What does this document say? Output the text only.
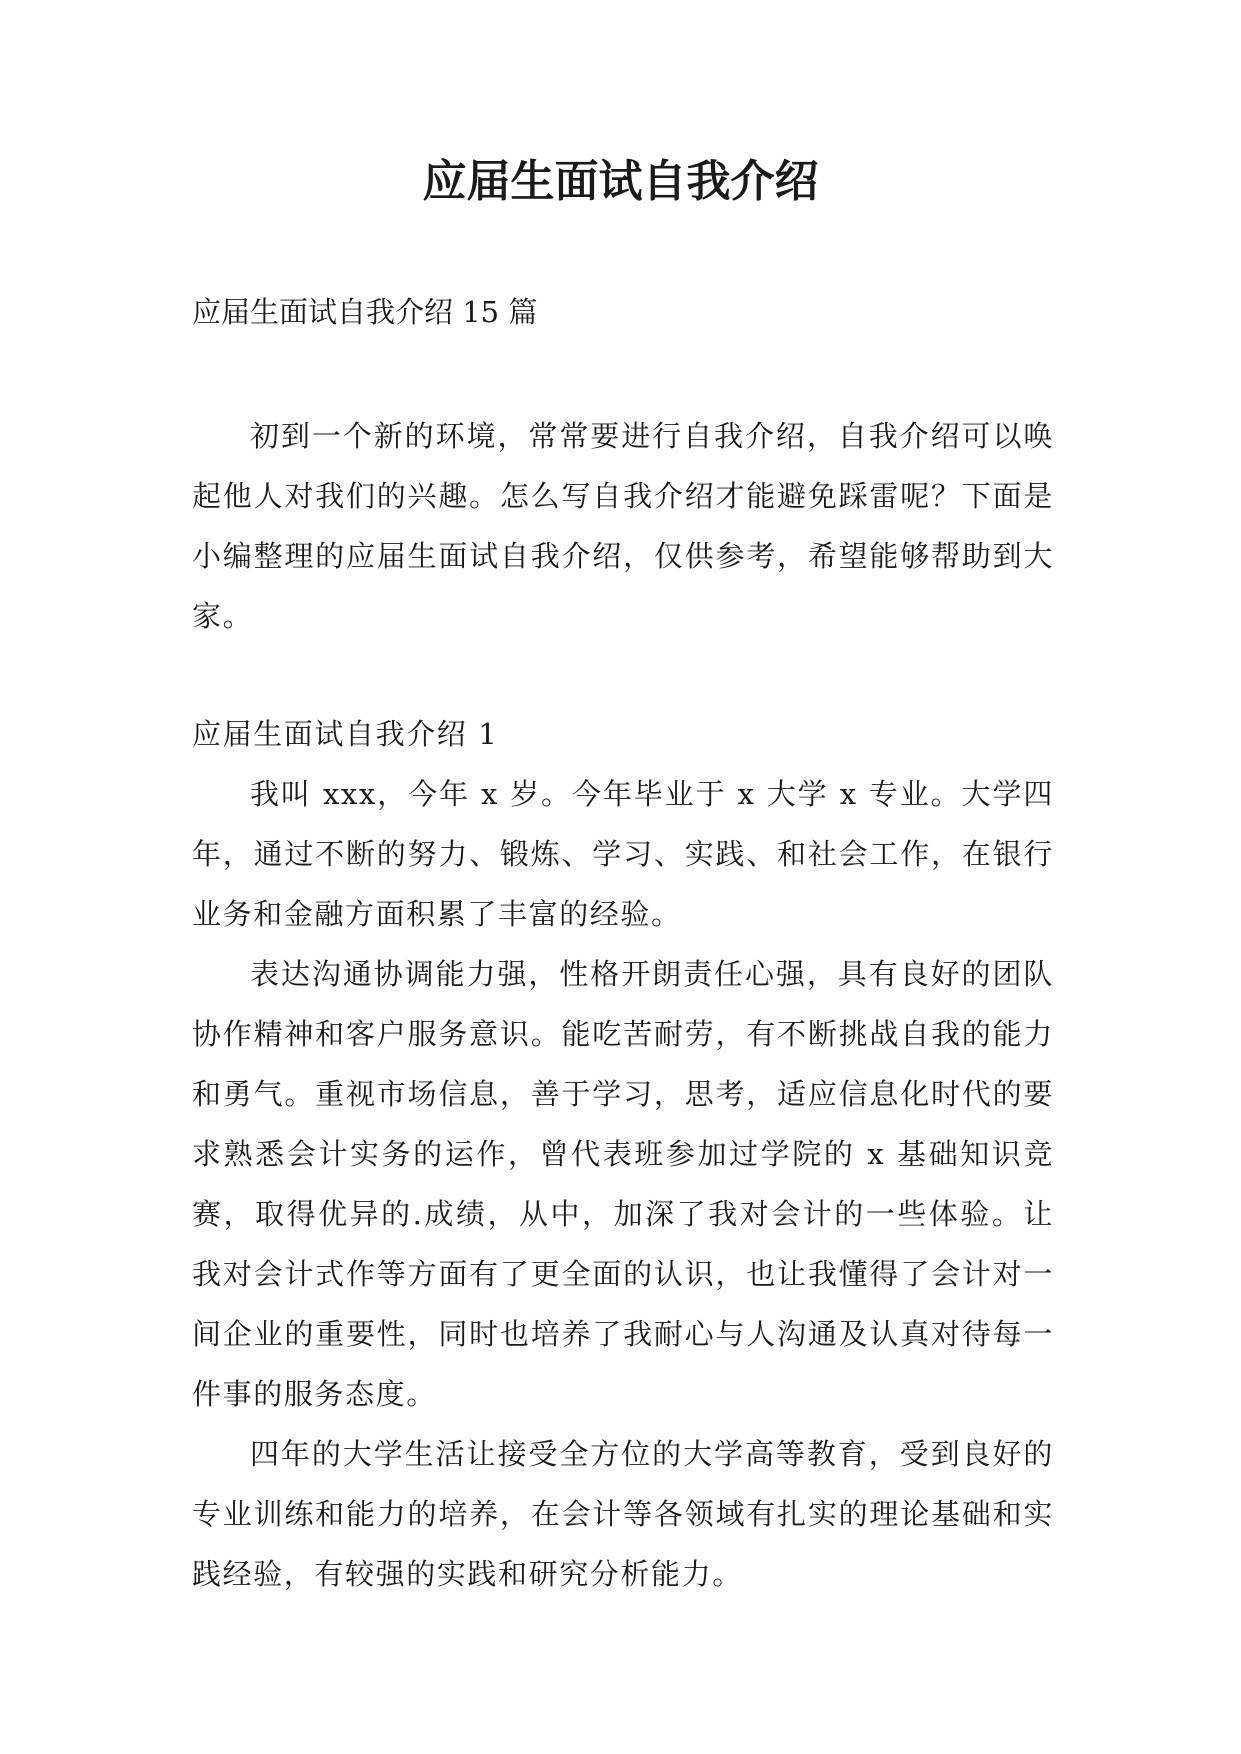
应届生面试自我介绍

应届生面试自我介绍 15 篇

初到一个新的环境，常常要进行自我介绍，自我介绍可以唤起他人对我们的兴趣。怎么写自我介绍才能避免踩雷呢？下面是小编整理的应届生面试自我介绍，仅供参考，希望能够帮助到大家。

应届生面试自我介绍 1

我叫 xxx，今年 x 岁。今年毕业于 x 大学 x 专业。大学四年，通过不断的努力、锻炼、学习、实践、和社会工作，在银行业务和金融方面积累了丰富的经验。

表达沟通协调能力强，性格开朗责任心强，具有良好的团队协作精神和客户服务意识。能吃苦耐劳，有不断挑战自我的能力和勇气。重视市场信息，善于学习，思考，适应信息化时代的要求熟悉会计实务的运作，曾代表班参加过学院的 x 基础知识竞赛，取得优异的.成绩，从中，加深了我对会计的一些体验。让我对会计式作等方面有了更全面的认识，也让我懂得了会计对一间企业的重要性，同时也培养了我耐心与人沟通及认真对待每一件事的服务态度。

四年的大学生活让接受全方位的大学高等教育，受到良好的专业训练和能力的培养，在会计等各领域有扎实的理论基础和实践经验，有较强的实践和研究分析能力。
